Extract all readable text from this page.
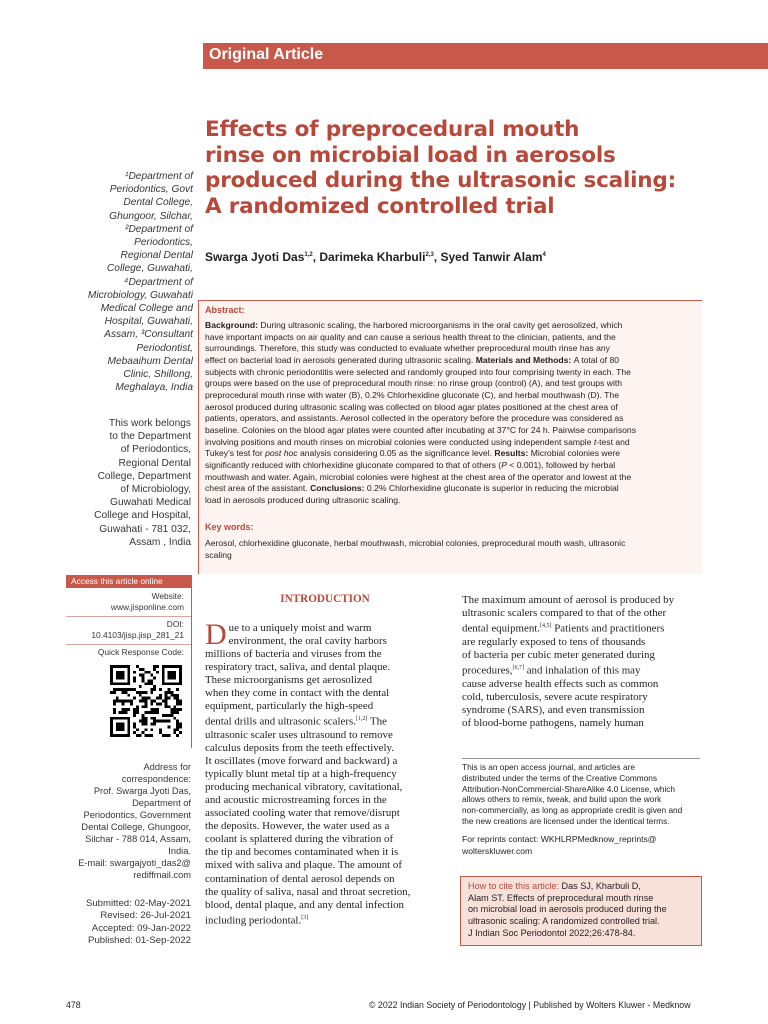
Original Article
Effects of preprocedural mouth
rinse on microbial load in aerosols
produced during the ultrasonic scaling:
A randomized controlled trial
Swarga Jyoti Das$^{1,2}$, Darimeka Kharbuli$^{2,3}$, Syed Tanwir Alam$^4$
¹Department of
Periodontics, Govt
Dental College,
Ghungoor, Silchar,
²Department of
Periodontics,
Regional Dental
College, Guwahati,
⁴Department of
Microbiology, Guwahati
Medical College and
Hospital, Guwahati,
Assam, ³Consultant
Periodontist,
Mebaaihum Dental
Clinic, Shillong,
Meghalaya, India
This work belongs
to the Department
of Periodontics,
Regional Dental
College, Department
of Microbiology,
Guwahati Medical
College and Hospital,
Guwahati - 781 032,
Assam , India
Abstract:
Background: During ultrasonic scaling, the harbored microorganisms in the oral cavity get aerosolized, which
have important impacts on air quality and can cause a serious health threat to the clinician, patients, and the
surroundings. Therefore, this study was conducted to evaluate whether preprocedural mouth rinse has any
effect on bacterial load in aerosols generated during ultrasonic scaling. Materials and Methods: A total of 80
subjects with chronic periodontitis were selected and randomly grouped into four comprising twenty in each. The
groups were based on the use of preprocedural mouth rinse: no rinse group (control) (A), and test groups with
preprocedural mouth rinse with water (B), 0.2% Chlorhexidine gluconate (C), and herbal mouthwash (D). The
aerosol produced during ultrasonic scaling was collected on blood agar plates positioned at the chest area of
patients, operators, and assistants. Aerosol collected in the operatory before the procedure was considered as
baseline. Colonies on the blood agar plates were counted after incubating at 37°C for 24 h. Pairwise comparisons
involving positions and mouth rinses on microbial colonies were conducted using independent sample t-test and
Tukey's test for post hoc analysis considering 0.05 as the significance level. Results: Microbial colonies were
significantly reduced with chlorhexidine gluconate compared to that of others (P < 0.001), followed by herbal
mouthwash and water. Again, microbial colonies were highest at the chest area of the operator and lowest at the
chest area of the assistant. Conclusions: 0.2% Chlorhexidine gluconate is superior in reducing the microbial
load in aerosols produced during ultrasonic scaling.
Key words:
Aerosol, chlorhexidine gluconate, herbal mouthwash, microbial colonies, preprocedural mouth wash, ultrasonic
scaling
Access this article online
Website:
www.jisponline.com
DOI:
10.4103/jisp.jisp_281_21
Quick Response Code:
Address for
correspondence:
Prof. Swarga Jyoti Das,
Department of
Periodontics, Government
Dental College, Ghungoor,
Silchar - 788 014, Assam,
India.
E-mail: swargajyoti_das2@
rediffmail.com
Submitted: 02-May-2021
Revised: 26-Jul-2021
Accepted: 09-Jan-2022
Published: 01-Sep-2022
INTRODUCTION
D ue to a uniquely moist and warm
environment, the oral cavity harbors
millions of bacteria and viruses from the
respiratory tract, saliva, and dental plaque.
These microorganisms get aerosolized
when they come in contact with the dental
equipment, particularly the high-speed
dental drills and ultrasonic scalers.[1,2] The
ultrasonic scaler uses ultrasound to remove
calculus deposits from the teeth effectively.
It oscillates (move forward and backward) a
typically blunt metal tip at a high-frequency
producing mechanical vibratory, cavitational,
and acoustic microstreaming forces in the
associated cooling water that remove/disrupt
the deposits. However, the water used as a
coolant is splattered during the vibration of
the tip and becomes contaminated when it is
mixed with saliva and plaque. The amount of
contamination of dental aerosol depends on
the quality of saliva, nasal and throat secretion,
blood, dental plaque, and any dental infection
including periodontal.[3]
The maximum amount of aerosol is produced by
ultrasonic scalers compared to that of the other
dental equipment.[4,5] Patients and practitioners
are regularly exposed to tens of thousands
of bacteria per cubic meter generated during
procedures,[6,7] and inhalation of this may
cause adverse health effects such as common
cold, tuberculosis, severe acute respiratory
syndrome (SARS), and even transmission
of blood-borne pathogens, namely human
This is an open access journal, and articles are
distributed under the terms of the Creative Commons
Attribution-NonCommercial-ShareAlike 4.0 License, which
allows others to remix, tweak, and build upon the work
non-commercially, as long as appropriate credit is given and
the new creations are licensed under the identical terms.
For reprints contact: WKHLRPMedknow_reprints@
wolterskluwer.com
How to cite this article: Das SJ, Kharbuli D,
Alam ST. Effects of preprocedural mouth rinse
on microbial load in aerosols produced during the
ultrasonic scaling: A randomized controlled trial.
J Indian Soc Periodontol 2022;26:478-84.
478	© 2022 Indian Society of Periodontology | Published by Wolters Kluwer - Medknow
